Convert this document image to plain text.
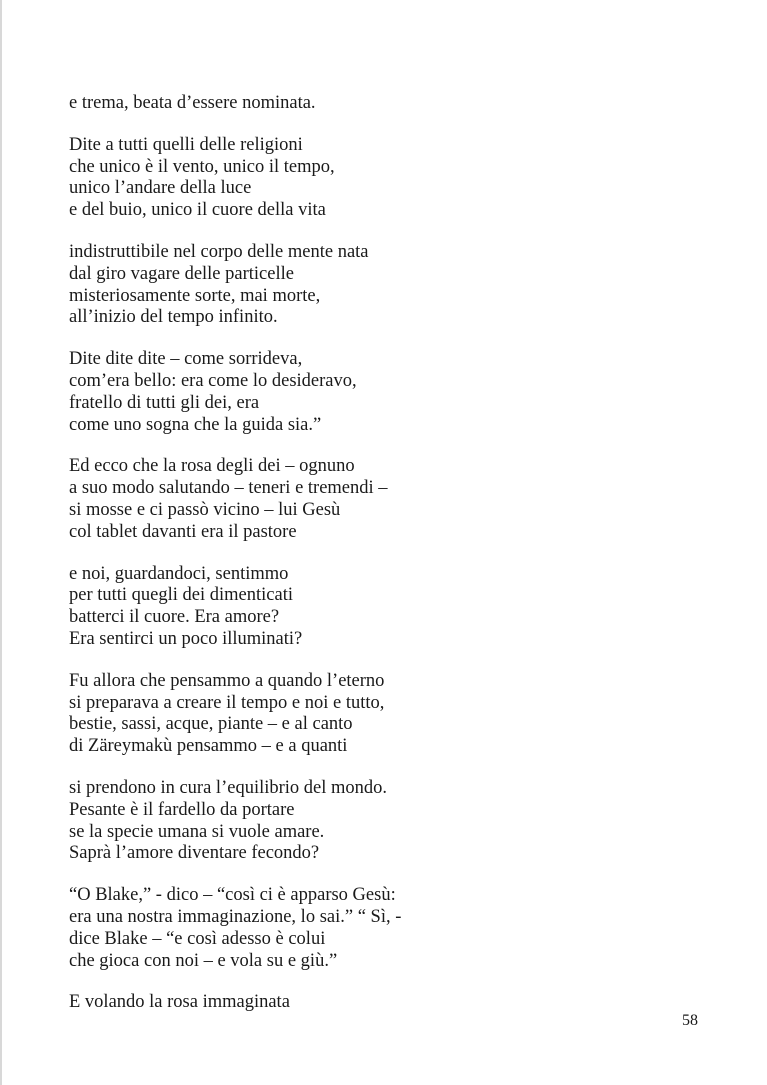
e trema, beata d’essere nominata.
Dite a tutti quelli delle religioni
che unico è il vento, unico il tempo,
unico l’andare della luce
e del buio, unico il cuore della vita
indistruttibile nel corpo delle mente nata
dal giro vagare delle particelle
misteriosamente sorte, mai morte,
all’inizio del tempo infinito.
Dite dite dite – come sorrideva,
com’era bello: era come lo desideravo,
fratello di tutti gli dei, era
come uno sogna che la guida sia.”
Ed ecco che la rosa degli dei – ognuno
a suo modo salutando – teneri e tremendi –
si mosse e ci passò vicino – lui Gesù
col tablet davanti era il pastore
e noi, guardandoci, sentimmo
per tutti quegli dei dimenticati
batterci il cuore. Era amore?
Era sentirci un poco illuminati?
Fu allora che pensammo a quando l’eterno
si preparava a creare il tempo e noi e tutto,
bestie, sassi, acque, piante – e al canto
di Zäreymakù pensammo – e a quanti
si prendono in cura l’equilibrio del mondo.
Pesante è il fardello da portare
se la specie umana si vuole amare.
Saprà l’amore diventare fecondo?
“O Blake,” - dico – “così ci è apparso Gesù:
era una nostra immaginazione, lo sai.” “ Sì, -
dice Blake – “e così adesso è colui
che gioca con noi – e vola su e giù.”
E volando la rosa immaginata
58
